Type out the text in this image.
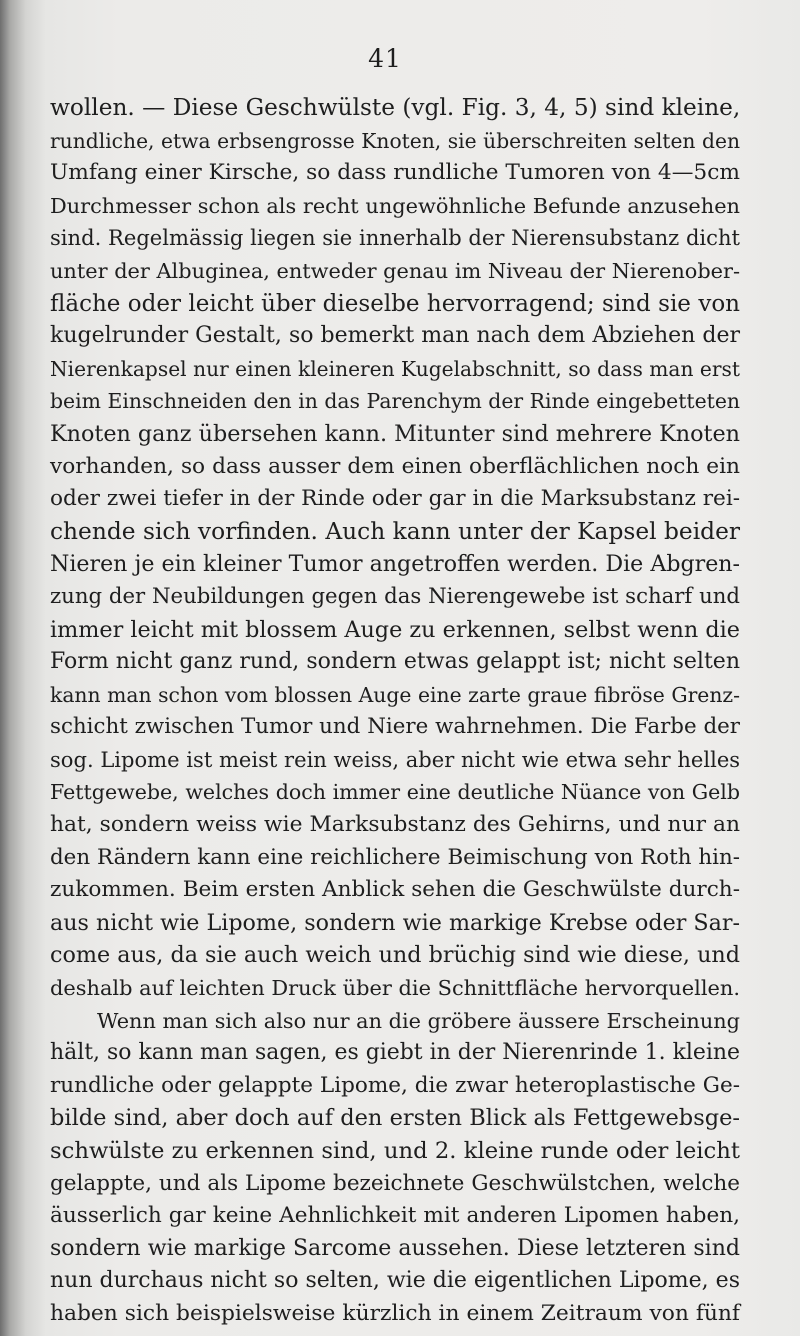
41
wollen. — Diese Geschwülste (vgl. Fig. 3, 4, 5) sind kleine,
rundliche, etwa erbsengrosse Knoten, sie überschreiten selten den
Umfang einer Kirsche, so dass rundliche Tumoren von 4—5cm
Durchmesser schon als recht ungewöhnliche Befunde anzusehen
sind. Regelmässig liegen sie innerhalb der Nierensubstanz dicht
unter der Albuginea, entweder genau im Niveau der Nierenober-
fläche oder leicht über dieselbe hervorragend; sind sie von
kugelrunder Gestalt, so bemerkt man nach dem Abziehen der
Nierenkapsel nur einen kleineren Kugelabschnitt, so dass man erst
beim Einschneiden den in das Parenchym der Rinde eingebetteten
Knoten ganz übersehen kann. Mitunter sind mehrere Knoten
vorhanden, so dass ausser dem einen oberflächlichen noch ein
oder zwei tiefer in der Rinde oder gar in die Marksubstanz rei-
chende sich vorfinden. Auch kann unter der Kapsel beider
Nieren je ein kleiner Tumor angetroffen werden. Die Abgren-
zung der Neubildungen gegen das Nierengewebe ist scharf und
immer leicht mit blossem Auge zu erkennen, selbst wenn die
Form nicht ganz rund, sondern etwas gelappt ist; nicht selten
kann man schon vom blossen Auge eine zarte graue fibröse Grenz-
schicht zwischen Tumor und Niere wahrnehmen. Die Farbe der
sog. Lipome ist meist rein weiss, aber nicht wie etwa sehr helles
Fettgewebe, welches doch immer eine deutliche Nüance von Gelb
hat, sondern weiss wie Marksubstanz des Gehirns, und nur an
den Rändern kann eine reichlichere Beimischung von Roth hin-
zukommen. Beim ersten Anblick sehen die Geschwülste durch-
aus nicht wie Lipome, sondern wie markige Krebse oder Sar-
come aus, da sie auch weich und brüchig sind wie diese, und
deshalb auf leichten Druck über die Schnittfläche hervorquellen.
Wenn man sich also nur an die gröbere äussere Erscheinung
hält, so kann man sagen, es giebt in der Nierenrinde 1. kleine
rundliche oder gelappte Lipome, die zwar heteroplastische Ge-
bilde sind, aber doch auf den ersten Blick als Fettgewebsge-
schwülste zu erkennen sind, und 2. kleine runde oder leicht
gelappte, und als Lipome bezeichnete Geschwülstchen, welche
äusserlich gar keine Aehnlichkeit mit anderen Lipomen haben,
sondern wie markige Sarcome aussehen. Diese letzteren sind
nun durchaus nicht so selten, wie die eigentlichen Lipome, es
haben sich beispielsweise kürzlich in einem Zeitraum von fünf
